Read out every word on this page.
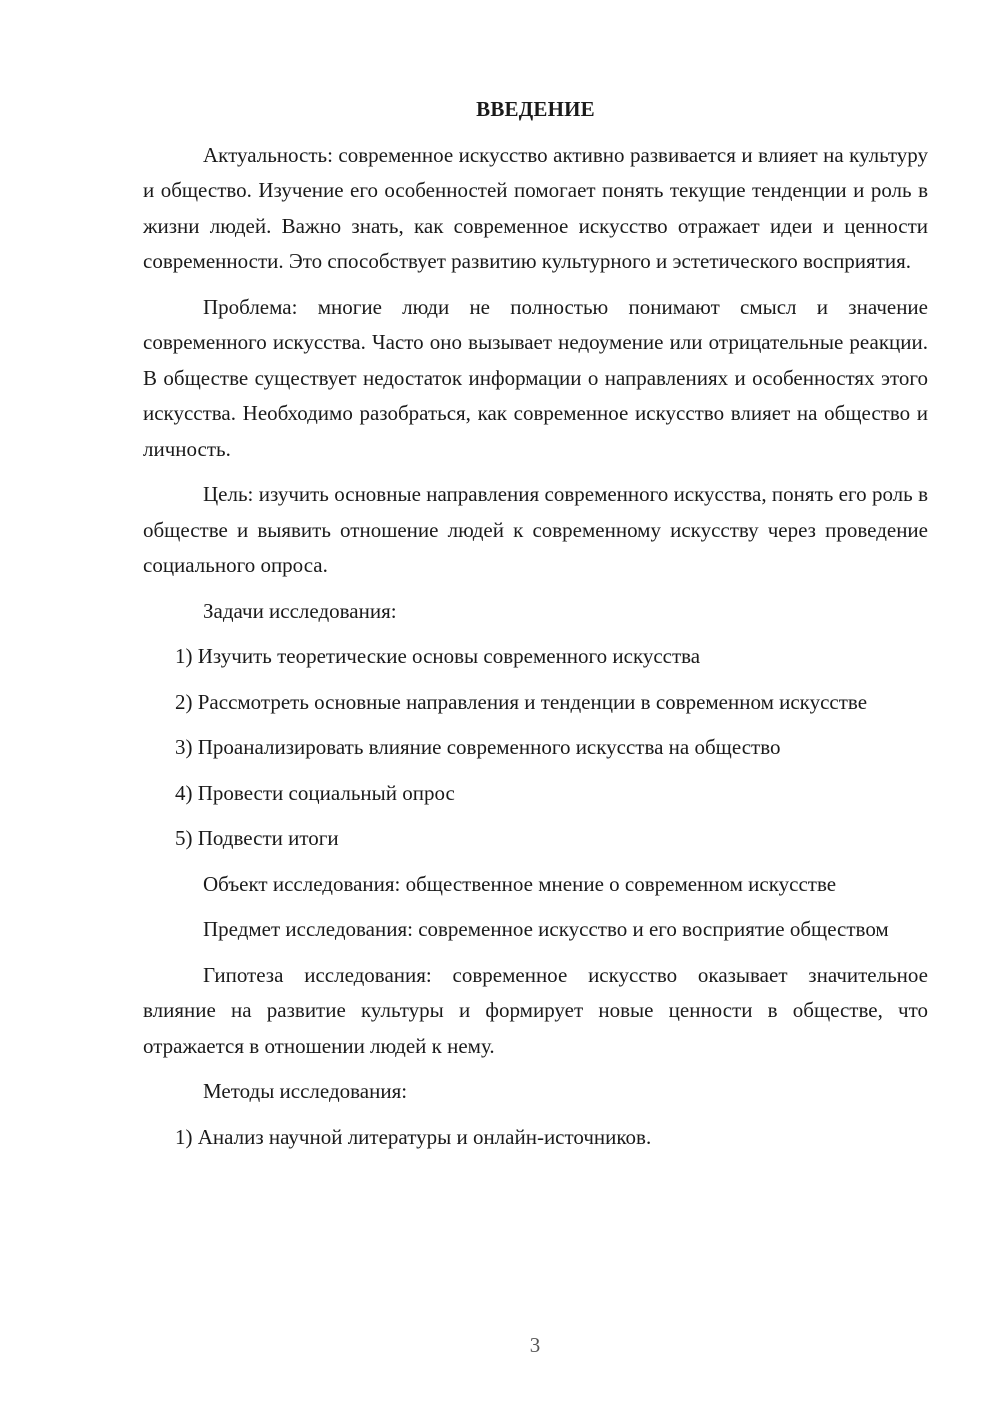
ВВЕДЕНИЕ

Актуальность: современное искусство активно развивается и влияет на культуру и общество. Изучение его особенностей помогает понять текущие тенденции и роль в жизни людей. Важно знать, как современное искусство отражает идеи и ценности современности. Это способствует развитию культурного и эстетического восприятия.

Проблема: многие люди не полностью понимают смысл и значение современного искусства. Часто оно вызывает недоумение или отрицательные реакции. В обществе существует недостаток информации о направлениях и особенностях этого искусства. Необходимо разобраться, как современное искусство влияет на общество и личность.

Цель: изучить основные направления современного искусства, понять его роль в обществе и выявить отношение людей к современному искусству через проведение социального опроса.

Задачи исследования:

1) Изучить теоретические основы современного искусства

2) Рассмотреть основные направления и тенденции в современном искусстве

3) Проанализировать влияние современного искусства на общество

4) Провести социальный опрос

5) Подвести итоги

Объект исследования: общественное мнение о современном искусстве

Предмет исследования: современное искусство и его восприятие обществом

Гипотеза исследования: современное искусство оказывает значительное влияние на развитие культуры и формирует новые ценности в обществе, что отражается в отношении людей к нему.

Методы исследования:

1) Анализ научной литературы и онлайн-источников.

3
